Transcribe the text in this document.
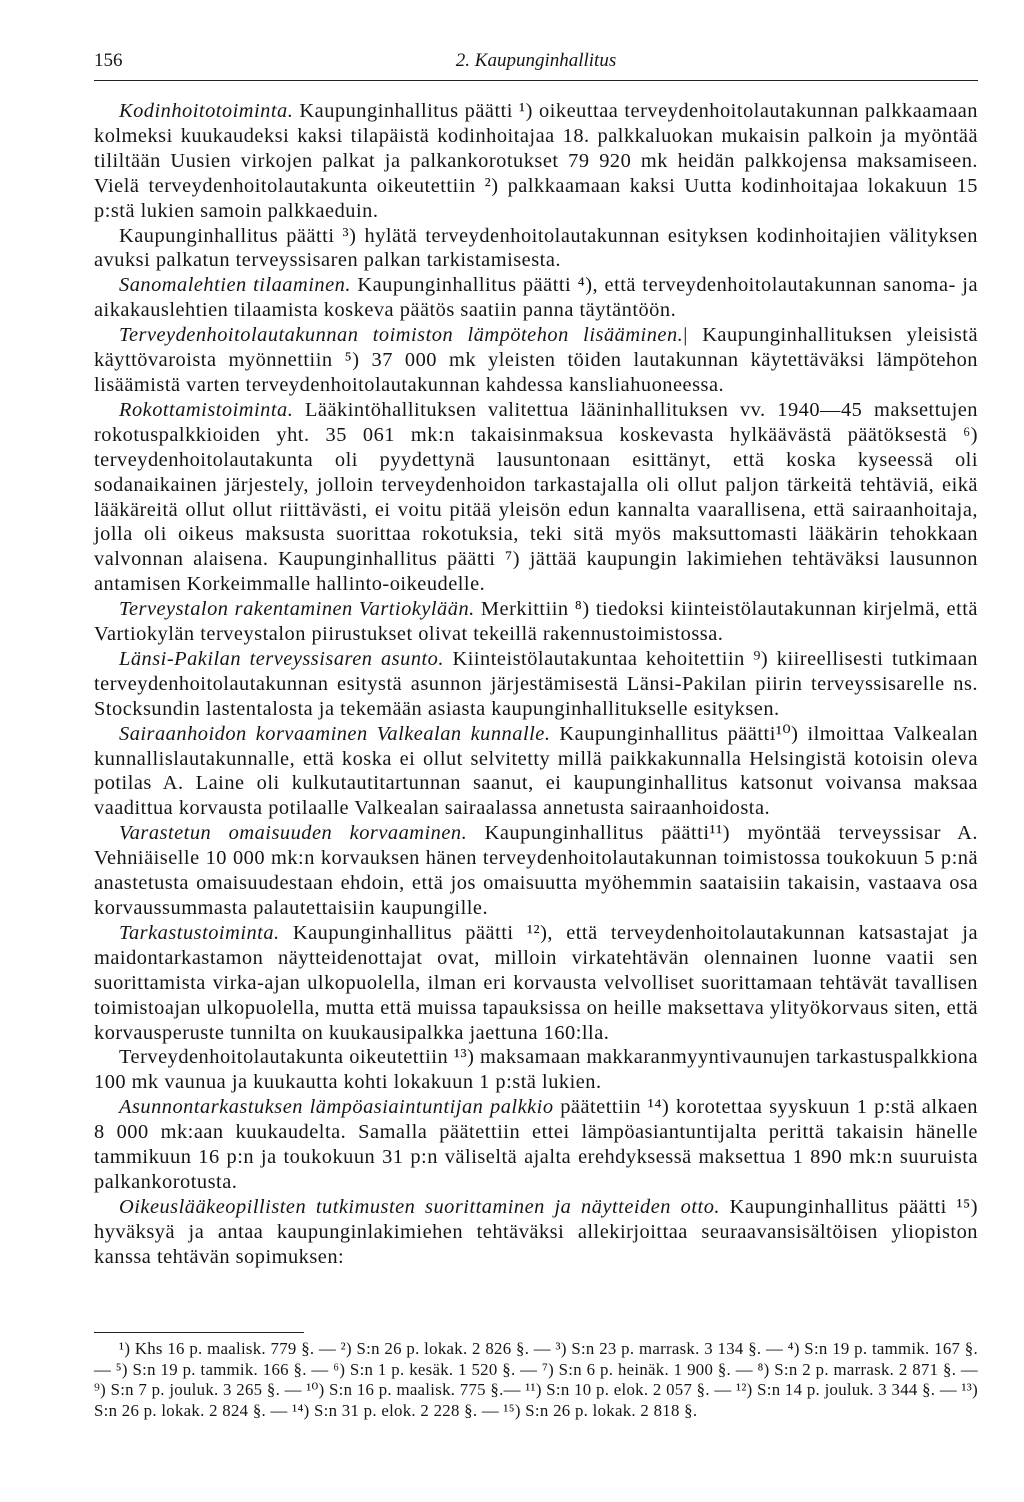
156	2. Kaupunginhallitus

Kodinhoitotoiminta. Kaupunginhallitus päätti ¹) oikeuttaa terveydenhoitolautakunnan palkkaamaan kolmeksi kuukaudeksi kaksi tilapäistä kodinhoitajaa 18. palkkaluokan mukaisin palkoin ja myöntää tililtään Uusien virkojen palkat ja palkankorotukset 79 920 mk heidän palkkojensa maksamiseen. Vielä terveydenhoitolautakunta oikeutettiin ²) palkkaamaan kaksi Uutta kodinhoitajaa lokakuun 15 p:stä lukien samoin palkkaeduin.

Kaupunginhallitus päätti ³) hylätä terveydenhoitolautakunnan esityksen kodinhoitajien välityksen avuksi palkatun terveyssisaren palkan tarkistamisesta.

Sanomalehtien tilaaminen. Kaupunginhallitus päätti ⁴), että terveydenhoitolautakunnan sanoma- ja aikakauslehtien tilaamista koskeva päätös saatiin panna täytäntöön.

Terveydenhoitolautakunnan toimiston lämpötehon lisääminen.| Kaupunginhallituksen yleisistä käyttövaroista myönnettiin ⁵) 37 000 mk yleisten töiden lautakunnan käytettäväksi lämpötehon lisäämistä varten terveydenhoitolautakunnan kahdessa kansliahuoneessa.

Rokottamistoiminta. Lääkintöhallituksen valitettua lääninhallituksen vv. 1940—45 maksettujen rokotuspalkkioiden yht. 35 061 mk:n takaisinmaksua koskevasta hylkäävästä päätöksestä ⁶) terveydenhoitolautakunta oli pyydettynä lausuntonaan esittänyt, että koska kyseessä oli sodanaikainen järjestely, jolloin terveydenhoidon tarkastajalla oli ollut paljon tärkeitä tehtäviä, eikä lääkäreitä ollut ollut riittävästi, ei voitu pitää yleisön edun kannalta vaarallisena, että sairaanhoitaja, jolla oli oikeus maksusta suorittaa rokotuksia, teki sitä myös maksuttomasti lääkärin tehokkaan valvonnan alaisena. Kaupunginhallitus päätti ⁷) jättää kaupungin lakimiehen tehtäväksi lausunnon antamisen Korkeimmalle hallinto-oikeudelle.

Terveystalon rakentaminen Vartiokylään. Merkittiin ⁸) tiedoksi kiinteistölautakunnan kirjelmä, että Vartiokylän terveystalon piirustukset olivat tekeillä rakennustoimistossa.

Länsi-Pakilan terveyssisaren asunto. Kiinteistölautakuntaa kehoitettiin ⁹) kiireellisesti tutkimaan terveydenhoitolautakunnan esitystä asunnon järjestämisestä Länsi-Pakilan piirin terveyssisarelle ns. Stocksundin lastentalosta ja tekemään asiasta kaupunginhallitukselle esityksen.

Sairaanhoidon korvaaminen Valkealan kunnalle. Kaupunginhallitus päätti¹⁰) ilmoittaa Valkealan kunnallislautakunnalle, että koska ei ollut selvitetty millä paikkakunnalla Helsingistä kotoisin oleva potilas A. Laine oli kulkutautitartunnan saanut, ei kaupunginhallitus katsonut voivansa maksaa vaadittua korvausta potilaalle Valkealan sairaalassa annetusta sairaanhoidosta.

Varastetun omaisuuden korvaaminen. Kaupunginhallitus päätti¹¹) myöntää terveyssisar A. Vehniäiselle 10 000 mk:n korvauksen hänen terveydenhoitolautakunnan toimistossa toukokuun 5 p:nä anastetusta omaisuudestaan ehdoin, että jos omaisuutta myöhemmin saataisiin takaisin, vastaava osa korvaussummasta palautettaisiin kaupungille.

Tarkastustoiminta. Kaupunginhallitus päätti ¹²), että terveydenhoitolautakunnan katsastajat ja maidontarkastamon näytteidenottajat ovat, milloin virkatehtävän olennainen luonne vaatii sen suorittamista virka-ajan ulkopuolella, ilman eri korvausta velvolliset suorittamaan tehtävät tavallisen toimistoajan ulkopuolella, mutta että muissa tapauksissa on heille maksettava ylityökorvaus siten, että korvausperuste tunnilta on kuukausipalkka jaettuna 160:lla.

Terveydenhoitolautakunta oikeutettiin ¹³) maksamaan makkaranmyyntivaunujen tarkastuspalkkiona 100 mk vaunua ja kuukautta kohti lokakuun 1 p:stä lukien.

Asunnontarkastuksen lämpöasiaintuntijan palkkio päätettiin ¹⁴) korotettaa syyskuun 1 p:stä alkaen 8 000 mk:aan kuukaudelta. Samalla päätettiin ettei lämpöasiantuntijalta perittä takaisin hänelle tammikuun 16 p:n ja toukokuun 31 p:n väliseltä ajalta erehdyksessä maksettua 1 890 mk:n suuruista palkankorotusta.

Oikeuslääkeopillisten tutkimusten suorittaminen ja näytteiden otto. Kaupunginhallitus päätti ¹⁵) hyväksyä ja antaa kaupunginlakimiehen tehtäväksi allekirjoittaa seuraavansisältöisen yliopiston kanssa tehtävän sopimuksen:

¹) Khs 16 p. maalisk. 779 §. — ²) S:n 26 p. lokak. 2 826 §. — ³) S:n 23 p. marrask. 3 134 §. — ⁴) S:n 19 p. tammik. 167 §. — ⁵) S:n 19 p. tammik. 166 §. — ⁶) S:n 1 p. kesäk. 1 520 §. — ⁷) S:n 6 p. heinäk. 1 900 §. — ⁸) S:n 2 p. marrask. 2 871 §. — ⁹) S:n 7 p. jouluk. 3 265 §. — ¹⁰) S:n 16 p. maalisk. 775 §.— ¹¹) S:n 10 p. elok. 2 057 §. — ¹²) S:n 14 p. jouluk. 3 344 §. — ¹³) S:n 26 p. lokak. 2 824 §. — ¹⁴) S:n 31 p. elok. 2 228 §. — ¹⁵) S:n 26 p. lokak. 2 818 §.
